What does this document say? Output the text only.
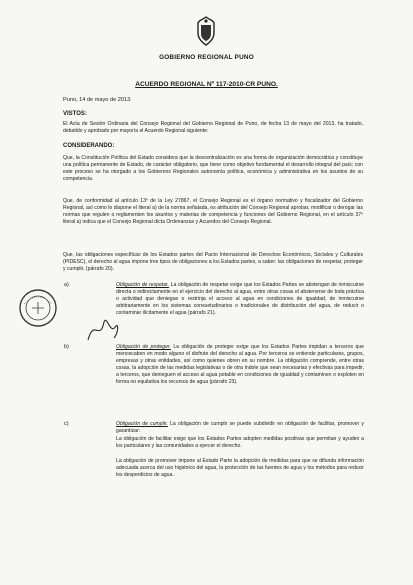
GOBIERNO REGIONAL PUNO
ACUERDO REGIONAL Nº 117-2010-CR PUNO.
Puno, 14 de mayo de 2013.
VISTOS:
El Acta de Sesión Ordinaria del Consejo Regional del Gobierno Regional de Puno, de fecha 13 de mayo del 2013, ha tratado, debatido y aprobado por mayoría el Acuerdo Regional siguiente:
CONSIDERANDO:
Que, la Constitución Política del Estado considera que la descentralización es una forma de organización democrática y constituye una política permanente de Estado, de carácter obligatorio, que tiene como objetivo fundamental el desarrollo integral del país; con este proceso se ha otorgado a los Gobiernos Regionales autonomía política, económica y administrativa en los asuntos de su competencia.
Que, de conformidad al artículo 13º de la Ley 27867, el Consejo Regional es el órgano normativo y fiscalizador del Gobierno Regional, así como lo dispone el literal a) de la norma señalada, es atribución del Consejo Regional aprobar, modificar o derogar las normas que regulen o reglamenten los asuntos y materias de competencia y funciones del Gobierno Regional, en el artículo 37º literal a) indica que el Consejo Regional dicta Ordenanzas y Acuerdos del Consejo Regional.
Que, las obligaciones específicas de los Estados partes del Pacto Internacional de Derechos Económicos, Sociales y Culturales (PIDESC), el derecho al agua impone tres tipos de obligaciones a los Estados partes, a saber: las obligaciones de respetar, proteger y cumplir. (párrafo 20).
a)	Obligación de respetar. La obligación de respetar exige que los Estados Partes se abstengan de inmiscuirse directa o indirectamente en el ejercicio del derecho al agua, entre otras cosas el abstenerse de toda práctica o actividad que deniegue o restrinja el acceso al agua en condiciones de igualdad, de inmiscuirse arbitrariamente en los sistemas consuetudinarios o tradicionales de distribución del agua, de reducir o contaminar ilícitamente el agua (párrafo 21).
b)	Obligación de proteger. La obligación de proteger exige que los Estados Partes impidan a terceros que menoscaben en modo alguno el disfrute del derecho al agua. Por terceros se entiende particulares, grupos, empresas y otras entidades, así como quienes obren en su nombre. La obligación comprende, entre otras cosas, la adopción de las medidas legislativas o de otra índole que sean necesarias y efectivas para impedir, a terceros, que denieguen el acceso al agua potable en condiciones de igualdad y contaminen o exploten en forma no equitativa los recursos de agua (párrafo 23).
c)	Obligación de cumplir. La obligación de cumplir se puede subdividir en obligación de facilitar, promover y garantizar:
La obligación de facilitar exige que los Estados Partes adopten medidas positivas que permitan y ayuden a los particulares y las comunidades a ejercer el derecho.
La obligación de promover impone al Estado Parte la adopción de medidas para que se difunda información adecuada acerca del uso higiénico del agua, la protección de las fuentes de agua y los métodos para reducir los desperdicios de agua.
